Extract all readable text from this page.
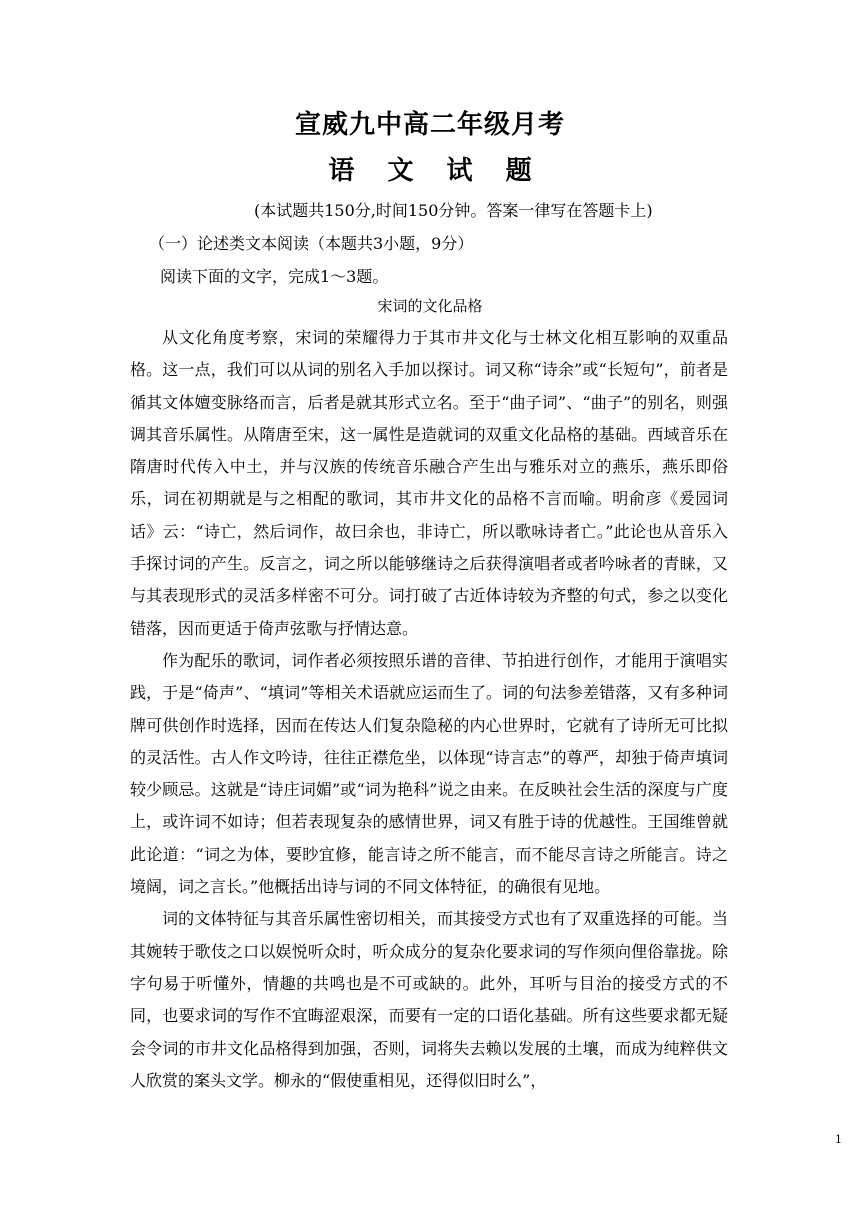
宣威九中高二年级月考
语 文 试 题
(本试题共150分,时间150分钟。答案一律写在答题卡上)
（一）论述类文本阅读（本题共3小题，9分）
阅读下面的文字，完成1～3题。
宋词的文化品格

从文化角度考察，宋词的荣耀得力于其市井文化与士林文化相互影响的双重品格。这一点，我们可以从词的别名入手加以探讨。词又称“诗余”或“长短句”，前者是循其文体嬗变脉络而言，后者是就其形式立名。至于“曲子词”、“曲子”的别名，则强调其音乐属性。从隋唐至宋，这一属性是造就词的双重文化品格的基础。西域音乐在隋唐时代传入中土，并与汉族的传统音乐融合产生出与雅乐对立的燕乐，燕乐即俗乐，词在初期就是与之相配的歌词，其市井文化的品格不言而喻。明俞彦《爰园词话》云：“诗亡，然后词作，故曰余也，非诗亡，所以歌咏诗者亡。”此论也从音乐入手探讨词的产生。反言之，词之所以能够继诗之后获得演唱者或者吟咏者的青睐，又与其表现形式的灵活多样密不可分。词打破了古近体诗较为齐整的句式，参之以变化错落，因而更适于倚声弦歌与抒情达意。

作为配乐的歌词，词作者必须按照乐谱的音律、节拍进行创作，才能用于演唱实践，于是“倚声”、“填词”等相关术语就应运而生了。词的句法参差错落，又有多种词牌可供创作时选择，因而在传达人们复杂隐秘的内心世界时，它就有了诗所无可比拟的灵活性。古人作文吟诗，往往正襟危坐，以体现“诗言志”的尊严，却独于倚声填词较少顾忌。这就是“诗庄词媚”或“词为艳科”说之由来。在反映社会生活的深度与广度上，或许词不如诗；但若表现复杂的感情世界，词又有胜于诗的优越性。王国维曾就此论道：“词之为体，要眇宜修，能言诗之所不能言，而不能尽言诗之所能言。诗之境阔，词之言长。”他概括出诗与词的不同文体特征，的确很有见地。

词的文体特征与其音乐属性密切相关，而其接受方式也有了双重选择的可能。当其婉转于歌伎之口以娱悦听众时，听众成分的复杂化要求词的写作须向俚俗靠拢。除字句易于听懂外，情趣的共鸣也是不可或缺的。此外，耳听与目治的接受方式的不同，也要求词的写作不宜晦涩艰深，而要有一定的口语化基础。所有这些要求都无疑会令词的市井文化品格得到加强，否则，词将失去赖以发展的土壤，而成为纯粹供文人欣赏的案头文学。柳永的“假使重相见，还得似旧时么”，

1
